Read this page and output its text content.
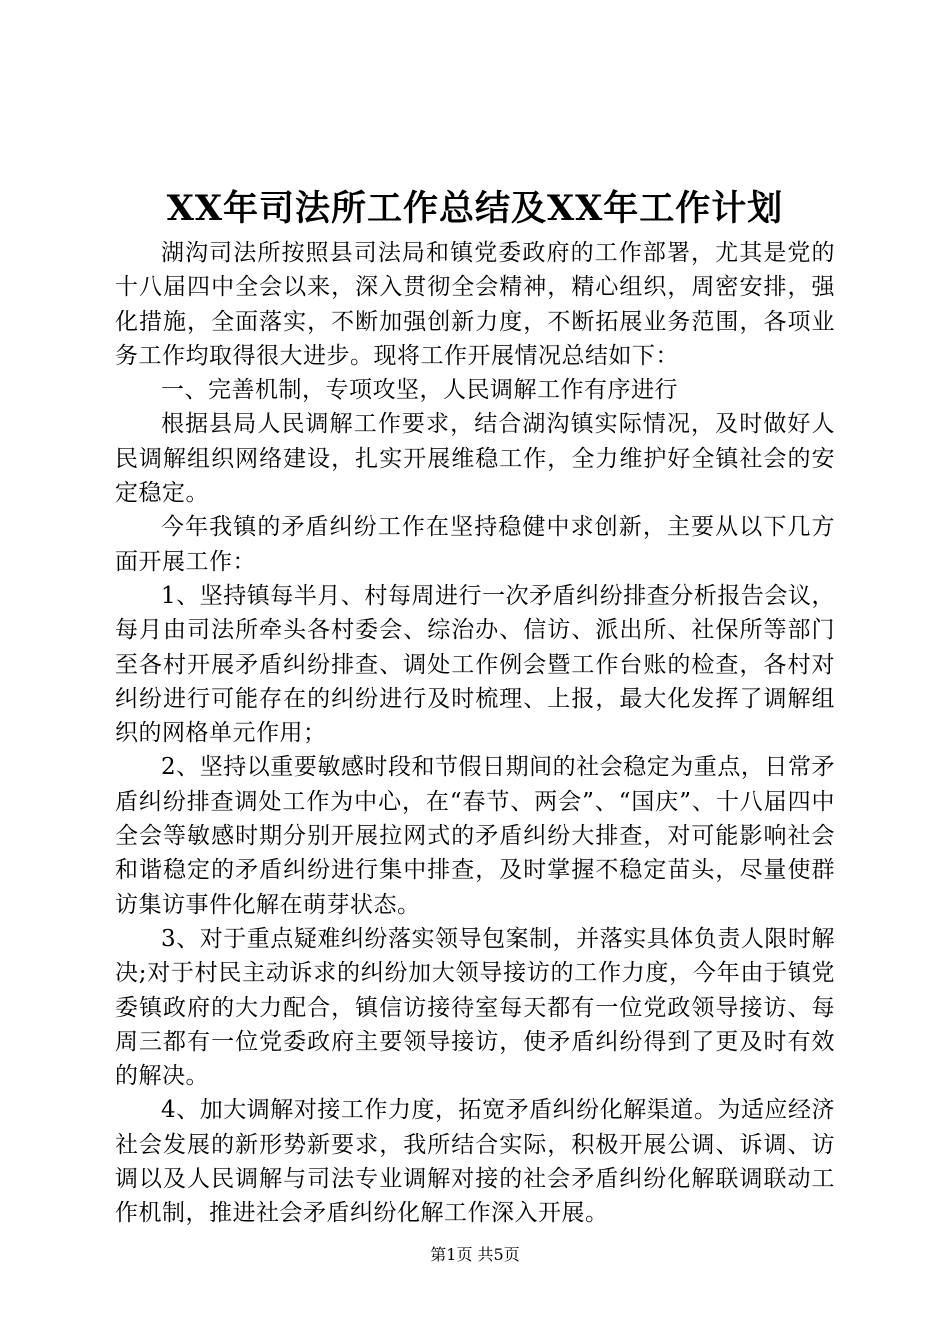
XX年司法所工作总结及XX年工作计划

湖沟司法所按照县司法局和镇党委政府的工作部署，尤其是党的十八届四中全会以来，深入贯彻全会精神，精心组织，周密安排，强化措施，全面落实，不断加强创新力度，不断拓展业务范围，各项业务工作均取得很大进步。现将工作开展情况总结如下：

一、完善机制，专项攻坚，人民调解工作有序进行

根据县局人民调解工作要求，结合湖沟镇实际情况，及时做好人民调解组织网络建设，扎实开展维稳工作，全力维护好全镇社会的安定稳定。

今年我镇的矛盾纠纷工作在坚持稳健中求创新，主要从以下几方面开展工作：

1、坚持镇每半月、村每周进行一次矛盾纠纷排查分析报告会议，每月由司法所牵头各村委会、综治办、信访、派出所、社保所等部门至各村开展矛盾纠纷排查、调处工作例会暨工作台账的检查，各村对纠纷进行可能存在的纠纷进行及时梳理、上报，最大化发挥了调解组织的网格单元作用；

2、坚持以重要敏感时段和节假日期间的社会稳定为重点，日常矛盾纠纷排查调处工作为中心，在“春节、两会”、“国庆”、十八届四中全会等敏感时期分别开展拉网式的矛盾纠纷大排查，对可能影响社会和谐稳定的矛盾纠纷进行集中排查，及时掌握不稳定苗头，尽量使群访集访事件化解在萌芽状态。

3、对于重点疑难纠纷落实领导包案制，并落实具体负责人限时解决;对于村民主动诉求的纠纷加大领导接访的工作力度，今年由于镇党委镇政府的大力配合，镇信访接待室每天都有一位党政领导接访、每周三都有一位党委政府主要领导接访，使矛盾纠纷得到了更及时有效的解决。

4、加大调解对接工作力度，拓宽矛盾纠纷化解渠道。为适应经济社会发展的新形势新要求，我所结合实际，积极开展公调、诉调、访调以及人民调解与司法专业调解对接的社会矛盾纠纷化解联调联动工作机制，推进社会矛盾纠纷化解工作深入开展。

第1页 共5页
